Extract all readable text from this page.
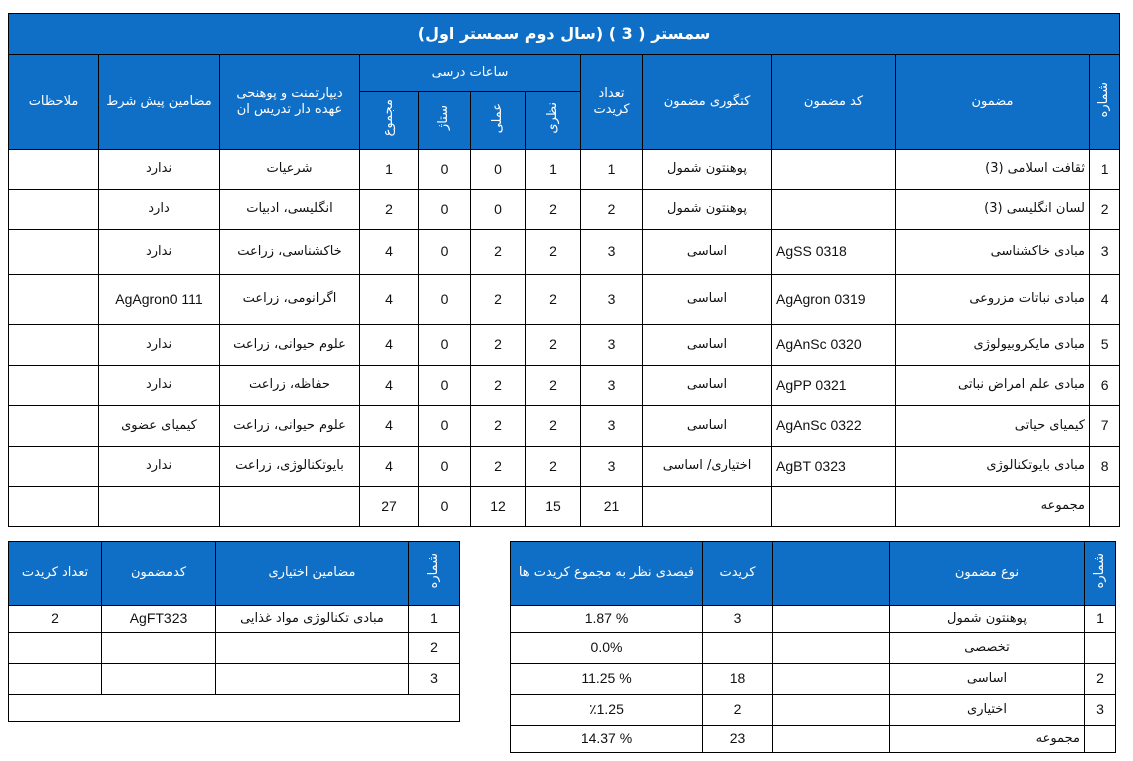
سمستر ( 3 ) (سال دوم سمستر اول)											
ملاحظات	مضامین پیش شرط	دیپارتمنت و پوهنحی عهده دار تدریس ان	ساعات درسی				تعداد کریدت	کتگوری مضمون	کد مضمون	مضمون	شماره
			مجموع	ستاژ	عملی	نظری					
	ندارد	شرعیات	1	0	0	1	1	پوهنتون شمول		ثقافت اسلامی (3)	1
	دارد	انگلیسی، ادبیات	2	0	0	2	2	پوهنتون شمول		لسان انگلیسی (3)	2
	ندارد	خاکشناسی، زراعت	4	0	2	2	3	اساسی	AgSS 0318	مبادی خاکشناسی	3
	AgAgron0 111	اگرانومی، زراعت	4	0	2	2	3	اساسی	AgAgron 0319	مبادی نباتات مزروعی	4
	ندارد	علوم حیوانی، زراعت	4	0	2	2	3	اساسی	AgAnSc 0320	مبادی مایکروبیولوژی	5
	ندارد	حفاظه، زراعت	4	0	2	2	3	اساسی	AgPP 0321	مبادی علم امراض نباتی	6
	کیمیای عضوی	علوم حیوانی، زراعت	4	0	2	2	3	اساسی	AgAnSc 0322	کیمیای حیاتی	7
	ندارد	بایوتکنالوژی، زراعت	4	0	2	2	3	اختیاری/ اساسی	AgBT 0323	مبادی بایوتکنالوژی	8
			27	0	12	15	21			مجموعه	
فیصدی نظر به مجموع کریدت ها	کریدت		نوع مضمون	شماره
1.87 %	3		پوهنتون شمول	1
0.0%			تخصصی	
11.25 %	18		اساسی	2
٪1.25	2		اختیاری	3
14.37 %	23		مجموعه	
تعداد کریدت	کدمضمون	مضامین اختیاری	شماره
2	AgFT323	مبادی تکنالوژی مواد غذایی	1
			2
			3
